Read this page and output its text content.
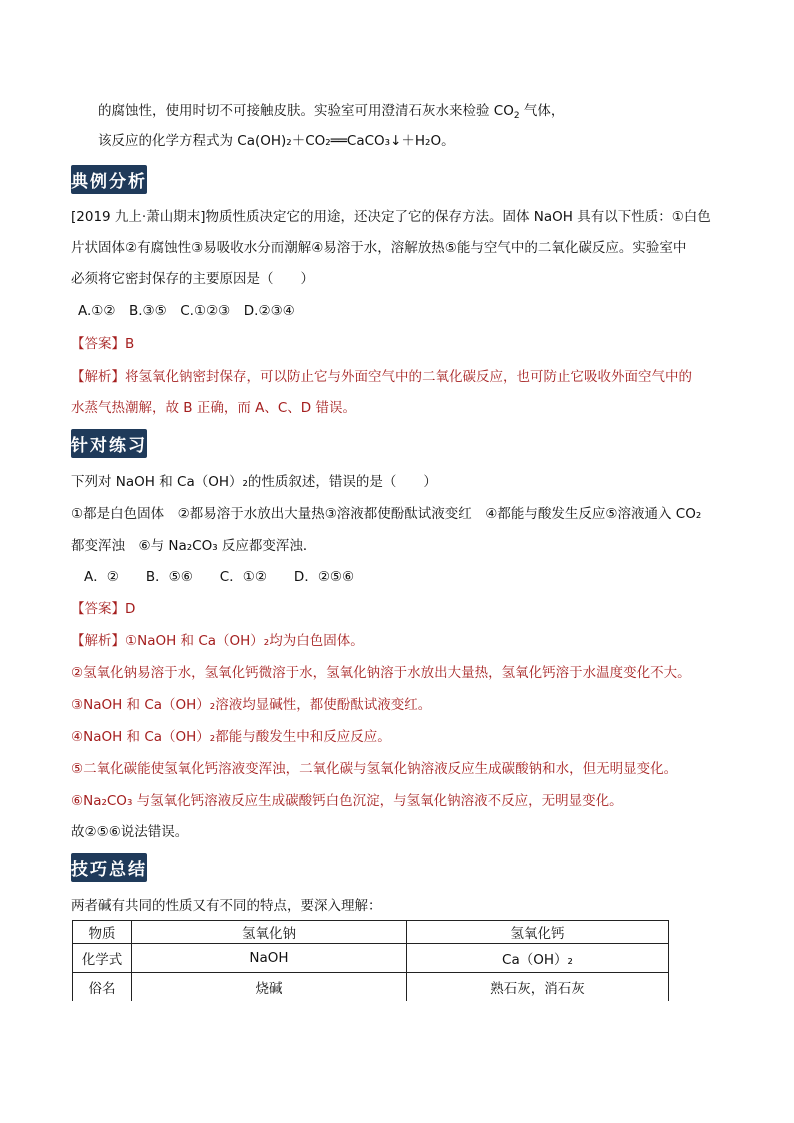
的腐蚀性，使用时切不可接触皮肤。实验室可用澄清石灰水来检验 $CO_2$ 气体，
该反应的化学方程式为 Ca(OH)₂＋CO₂══CaCO₃↓＋H₂O。
典例分析
[2019 九上·萧山期末]物质性质决定它的用途，还决定了它的保存方法。固体 NaOH 具有以下性质：①白色
片状固体②有腐蚀性③易吸收水分而潮解④易溶于水，溶解放热⑤能与空气中的二氧化碳反应。实验室中
必须将它密封保存的主要原因是（　　）
A.①②　B.③⑤　C.①②③　D.②③④
【答案】B
【解析】将氢氧化钠密封保存，可以防止它与外面空气中的二氧化碳反应，也可防止它吸收外面空气中的
水蒸气热潮解，故 B 正确，而 A、C、D 错误。
针对练习
下列对 NaOH 和 Ca（OH）₂的性质叙述，错误的是（　　）
①都是白色固体　②都易溶于水放出大量热③溶液都使酚酞试液变红　④都能与酸发生反应⑤溶液通入 CO₂
都变浑浊　⑥与 Na₂CO₃ 反应都变浑浊．
A．②　　B．⑤⑥　　C．①②　　D．②⑤⑥
【答案】D
【解析】①NaOH 和 Ca（OH）₂均为白色固体。
②氢氧化钠易溶于水，氢氧化钙微溶于水，氢氧化钠溶于水放出大量热，氢氧化钙溶于水温度变化不大。
③NaOH 和 Ca（OH）₂溶液均显碱性，都使酚酞试液变红。
④NaOH 和 Ca（OH）₂都能与酸发生中和反应反应。
⑤二氧化碳能使氢氧化钙溶液变浑浊，二氧化碳与氢氧化钠溶液反应生成碳酸钠和水，但无明显变化。
⑥Na₂CO₃ 与氢氧化钙溶液反应生成碳酸钙白色沉淀，与氢氧化钠溶液不反应，无明显变化。
故②⑤⑥说法错误。
技巧总结
两者碱有共同的性质又有不同的特点，要深入理解：
物质	氢氧化钠	氢氧化钙
化学式	NaOH	Ca（OH）₂
俗名	烧碱	熟石灰，消石灰
